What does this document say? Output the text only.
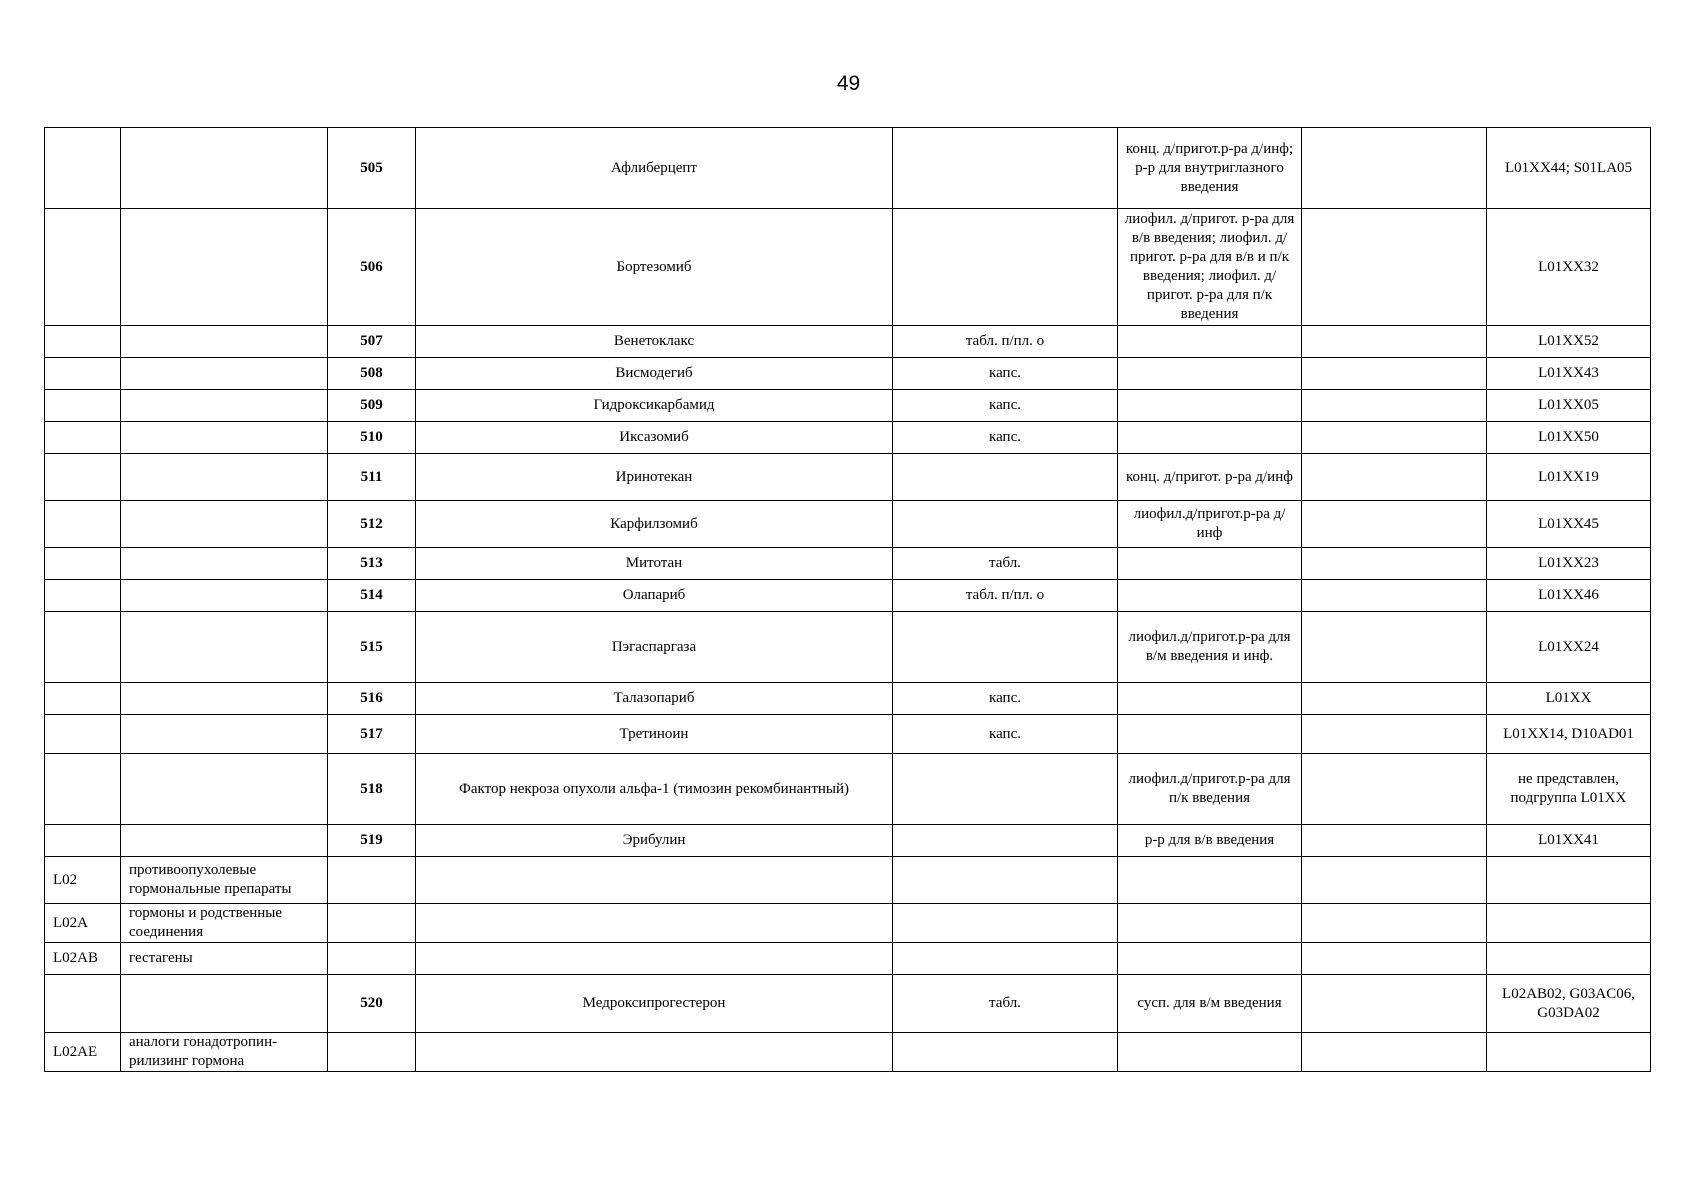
49
		505	Афлиберцепт		конц. д/пригот.р-ра д/инф; р-р для внутриглазного введения		L01XX44; S01LA05
		506	Бортезомиб		лиофил. д/пригот. р-ра для в/в введения; лиофил. д/пригот. р-ра для в/в и п/к введения; лиофил. д/пригот. р-ра для п/к введения		L01XX32
		507	Венетоклакс	табл. п/пл. о			L01XX52
		508	Висмодегиб	капс.			L01XX43
		509	Гидроксикарбамид	капс.			L01XX05
		510	Иксазомиб	капс.			L01XX50
		511	Иринотекан		конц. д/пригот. р-ра д/инф		L01XX19
		512	Карфилзомиб		лиофил.д/пригот.р-ра д/инф		L01XX45
		513	Митотан	табл.			L01XX23
		514	Олапариб	табл. п/пл. о			L01XX46
		515	Пэгаспаргаза		лиофил.д/пригот.р-ра для в/м введения и инф.		L01XX24
		516	Талазопариб	капс.			L01XX
		517	Третиноин	капс.			L01XX14, D10AD01
		518	Фактор некроза опухоли альфа-1 (тимозин рекомбинантный)		лиофил.д/пригот.р-ра для п/к введения		не представлен, подгруппа L01XX
		519	Эрибулин		р-р для в/в введения		L01XX41
L02	противоопухолевые гормональные препараты						
L02A	гормоны и родственные соединения						
L02AB	гестагены						
		520	Медроксипрогестерон	табл.	сусп. для в/м введения		L02AB02, G03AC06, G03DA02
L02AE	аналоги гонадотропин-рилизинг гормона						
